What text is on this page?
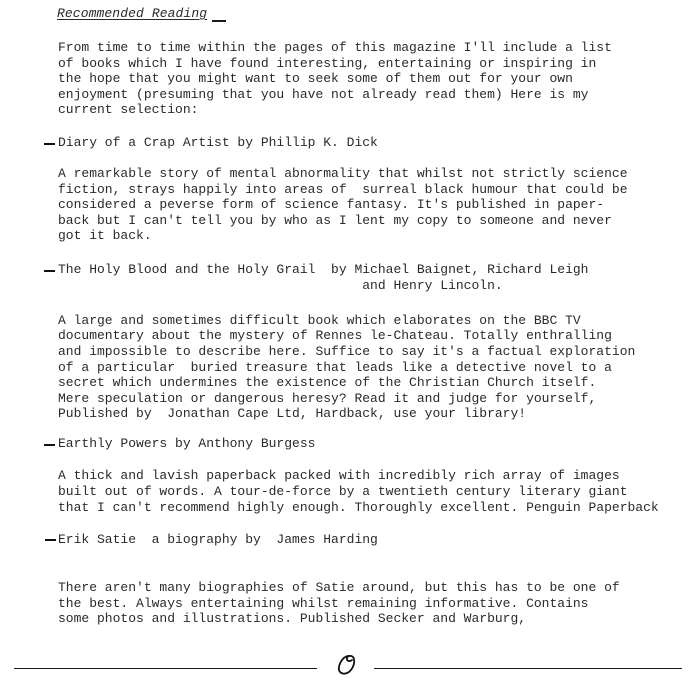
Recommended Reading
From time to time within the pages of this magazine I'll include a list
of books which I have found interesting, entertaining or inspiring in
the hope that you might want to seek some of them out for your own
enjoyment (presuming that you have not already read them) Here is my
current selection:
Diary of a Crap Artist by Phillip K. Dick
A remarkable story of mental abnormality that whilst not strictly science
fiction, strays happily into areas of  surreal black humour that could be
considered a peverse form of science fantasy. It's published in paper-
back but I can't tell you by who as I lent my copy to someone and never
got it back.
The Holy Blood and the Holy Grail  by Michael Baignet, Richard Leigh
and Henry Lincoln.
A large and sometimes difficult book which elaborates on the BBC TV
documentary about the mystery of Rennes le-Chateau. Totally enthralling
and impossible to describe here. Suffice to say it's a factual exploration
of a particular  buried treasure that leads like a detective novel to a
secret which undermines the existence of the Christian Church itself.
Mere speculation or dangerous heresy? Read it and judge for yourself,
Published by  Jonathan Cape Ltd, Hardback, use your library!
Earthly Powers by Anthony Burgess
A thick and lavish paperback packed with incredibly rich array of images
built out of words. A tour-de-force by a twentieth century literary giant
that I can't recommend highly enough. Thoroughly excellent. Penguin Paperback
Erik Satie  a biography by  James Harding
There aren't many biographies of Satie around, but this has to be one of
the best. Always entertaining whilst remaining informative. Contains
some photos and illustrations. Published Secker and Warburg,
